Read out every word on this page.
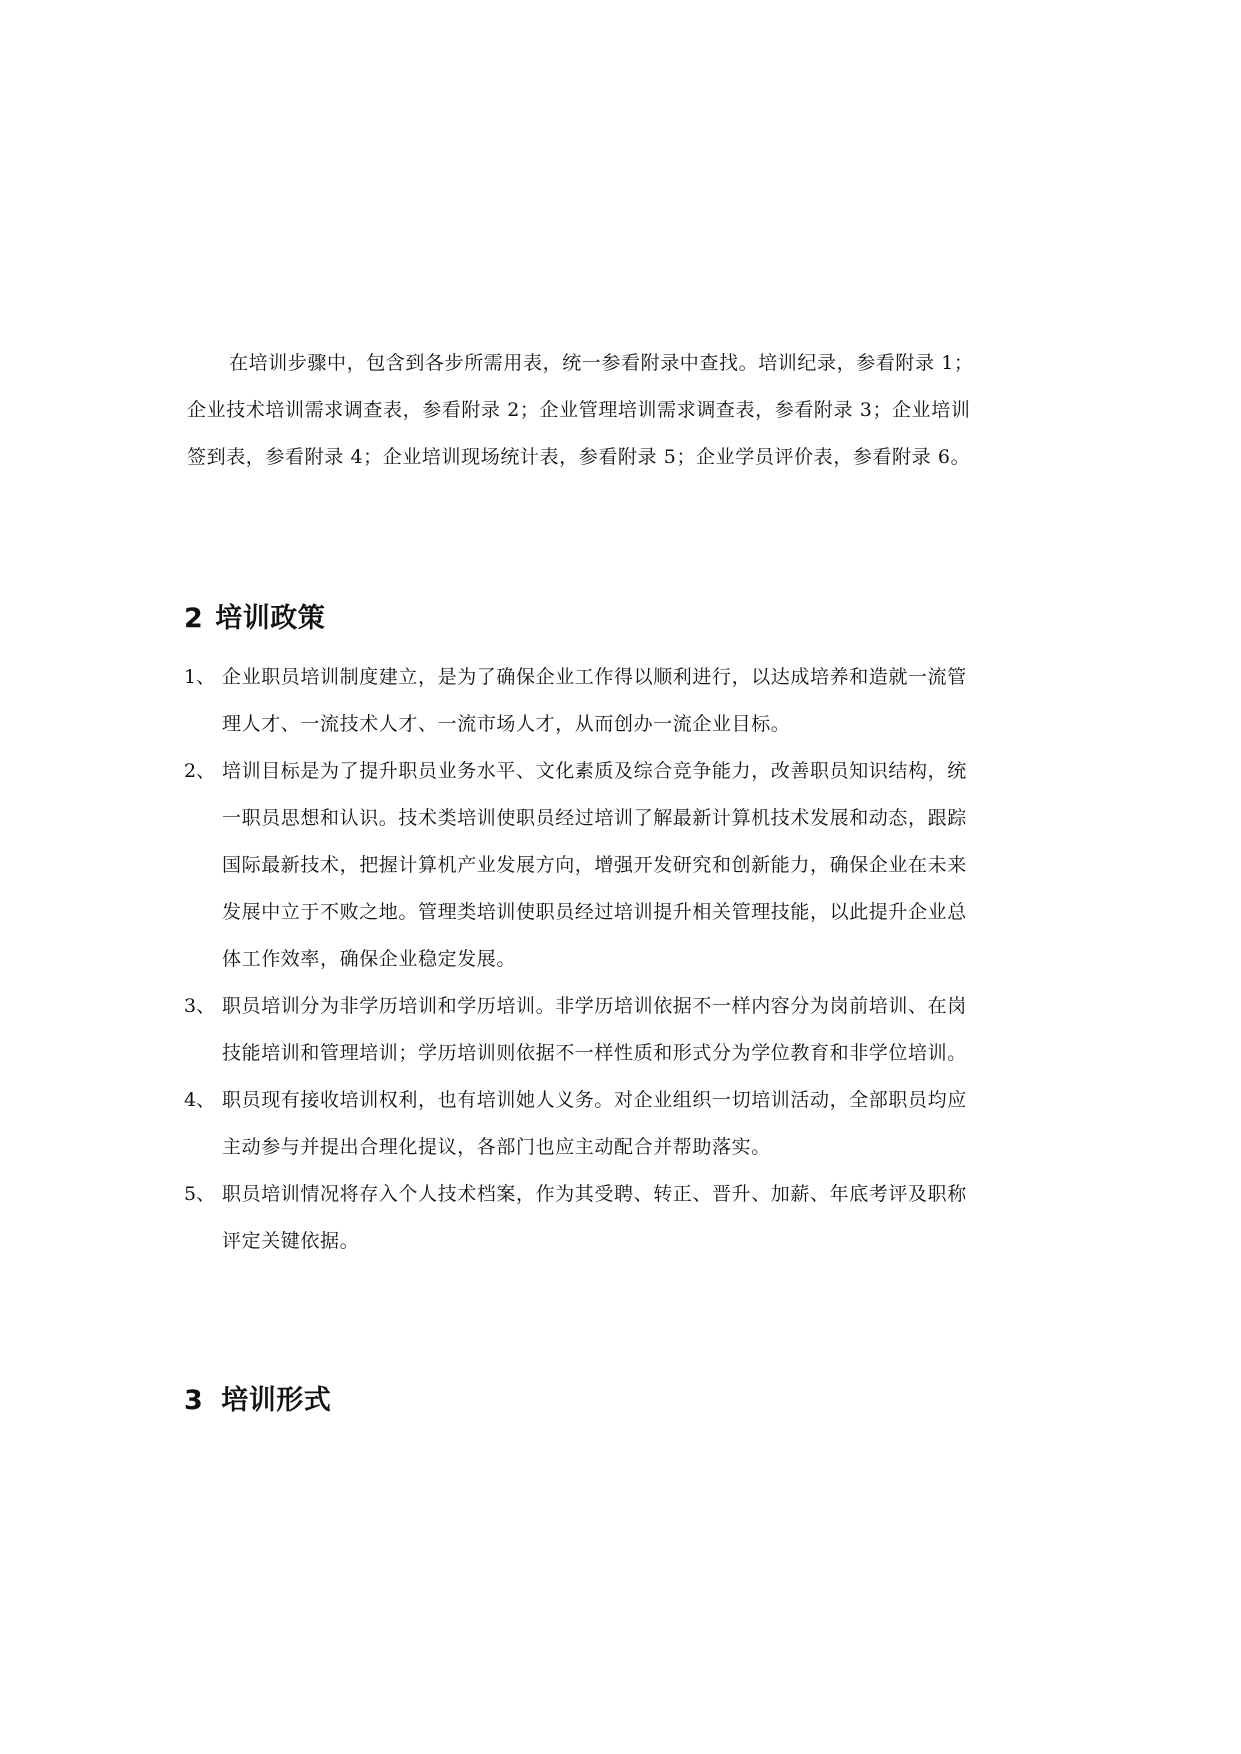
在培训步骤中，包含到各步所需用表，统一参看附录中查找。培训纪录，参看附录 1；
企业技术培训需求调查表，参看附录 2；企业管理培训需求调查表，参看附录 3；企业培训
签到表，参看附录 4；企业培训现场统计表，参看附录 5；企业学员评价表，参看附录 6。
2 培训政策
1、 企业职员培训制度建立，是为了确保企业工作得以顺利进行，以达成培养和造就一流管
理人才、一流技术人才、一流市场人才，从而创办一流企业目标。
2、 培训目标是为了提升职员业务水平、文化素质及综合竞争能力，改善职员知识结构，统
一职员思想和认识。技术类培训使职员经过培训了解最新计算机技术发展和动态，跟踪
国际最新技术，把握计算机产业发展方向，增强开发研究和创新能力，确保企业在未来
发展中立于不败之地。管理类培训使职员经过培训提升相关管理技能，以此提升企业总
体工作效率，确保企业稳定发展。
3、 职员培训分为非学历培训和学历培训。非学历培训依据不一样内容分为岗前培训、在岗
技能培训和管理培训；学历培训则依据不一样性质和形式分为学位教育和非学位培训。
4、 职员现有接收培训权利，也有培训她人义务。对企业组织一切培训活动，全部职员均应
主动参与并提出合理化提议，各部门也应主动配合并帮助落实。
5、 职员培训情况将存入个人技术档案，作为其受聘、转正、晋升、加薪、年底考评及职称
评定关键依据。
3 培训形式
